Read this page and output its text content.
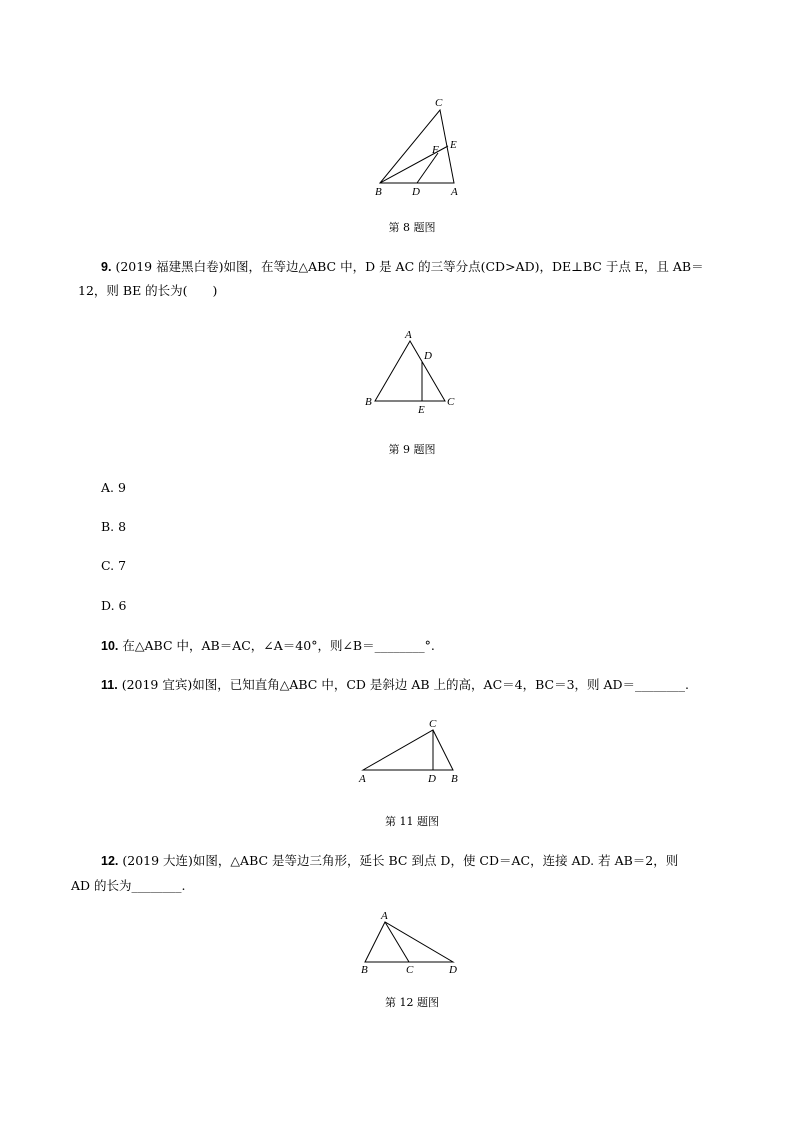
C
E
F
B	D	A
第 8 题图
9. (2019 福建黑白卷)如图，在等边△ABC 中，D 是 AC 的三等分点(CD>AD)，DE⊥BC 于点 E，且 AB＝
12，则 BE 的长为(　　)
A
D
B
E
C
第 9 题图
A. 9
B. 8
C. 7
D. 6
10. 在△ABC 中，AB＝AC，∠A＝40°，则∠B＝________°.
11. (2019 宜宾)如图，已知直角△ABC 中，CD 是斜边 AB 上的高，AC＝4，BC＝3，则 AD＝________.
C
A	D B
第 11 题图
12. (2019 大连)如图，△ABC 是等边三角形，延长 BC 到点 D，使 CD＝AC，连接 AD. 若 AB＝2，则
AD 的长为________.
A
B	C	D
第 12 题图
